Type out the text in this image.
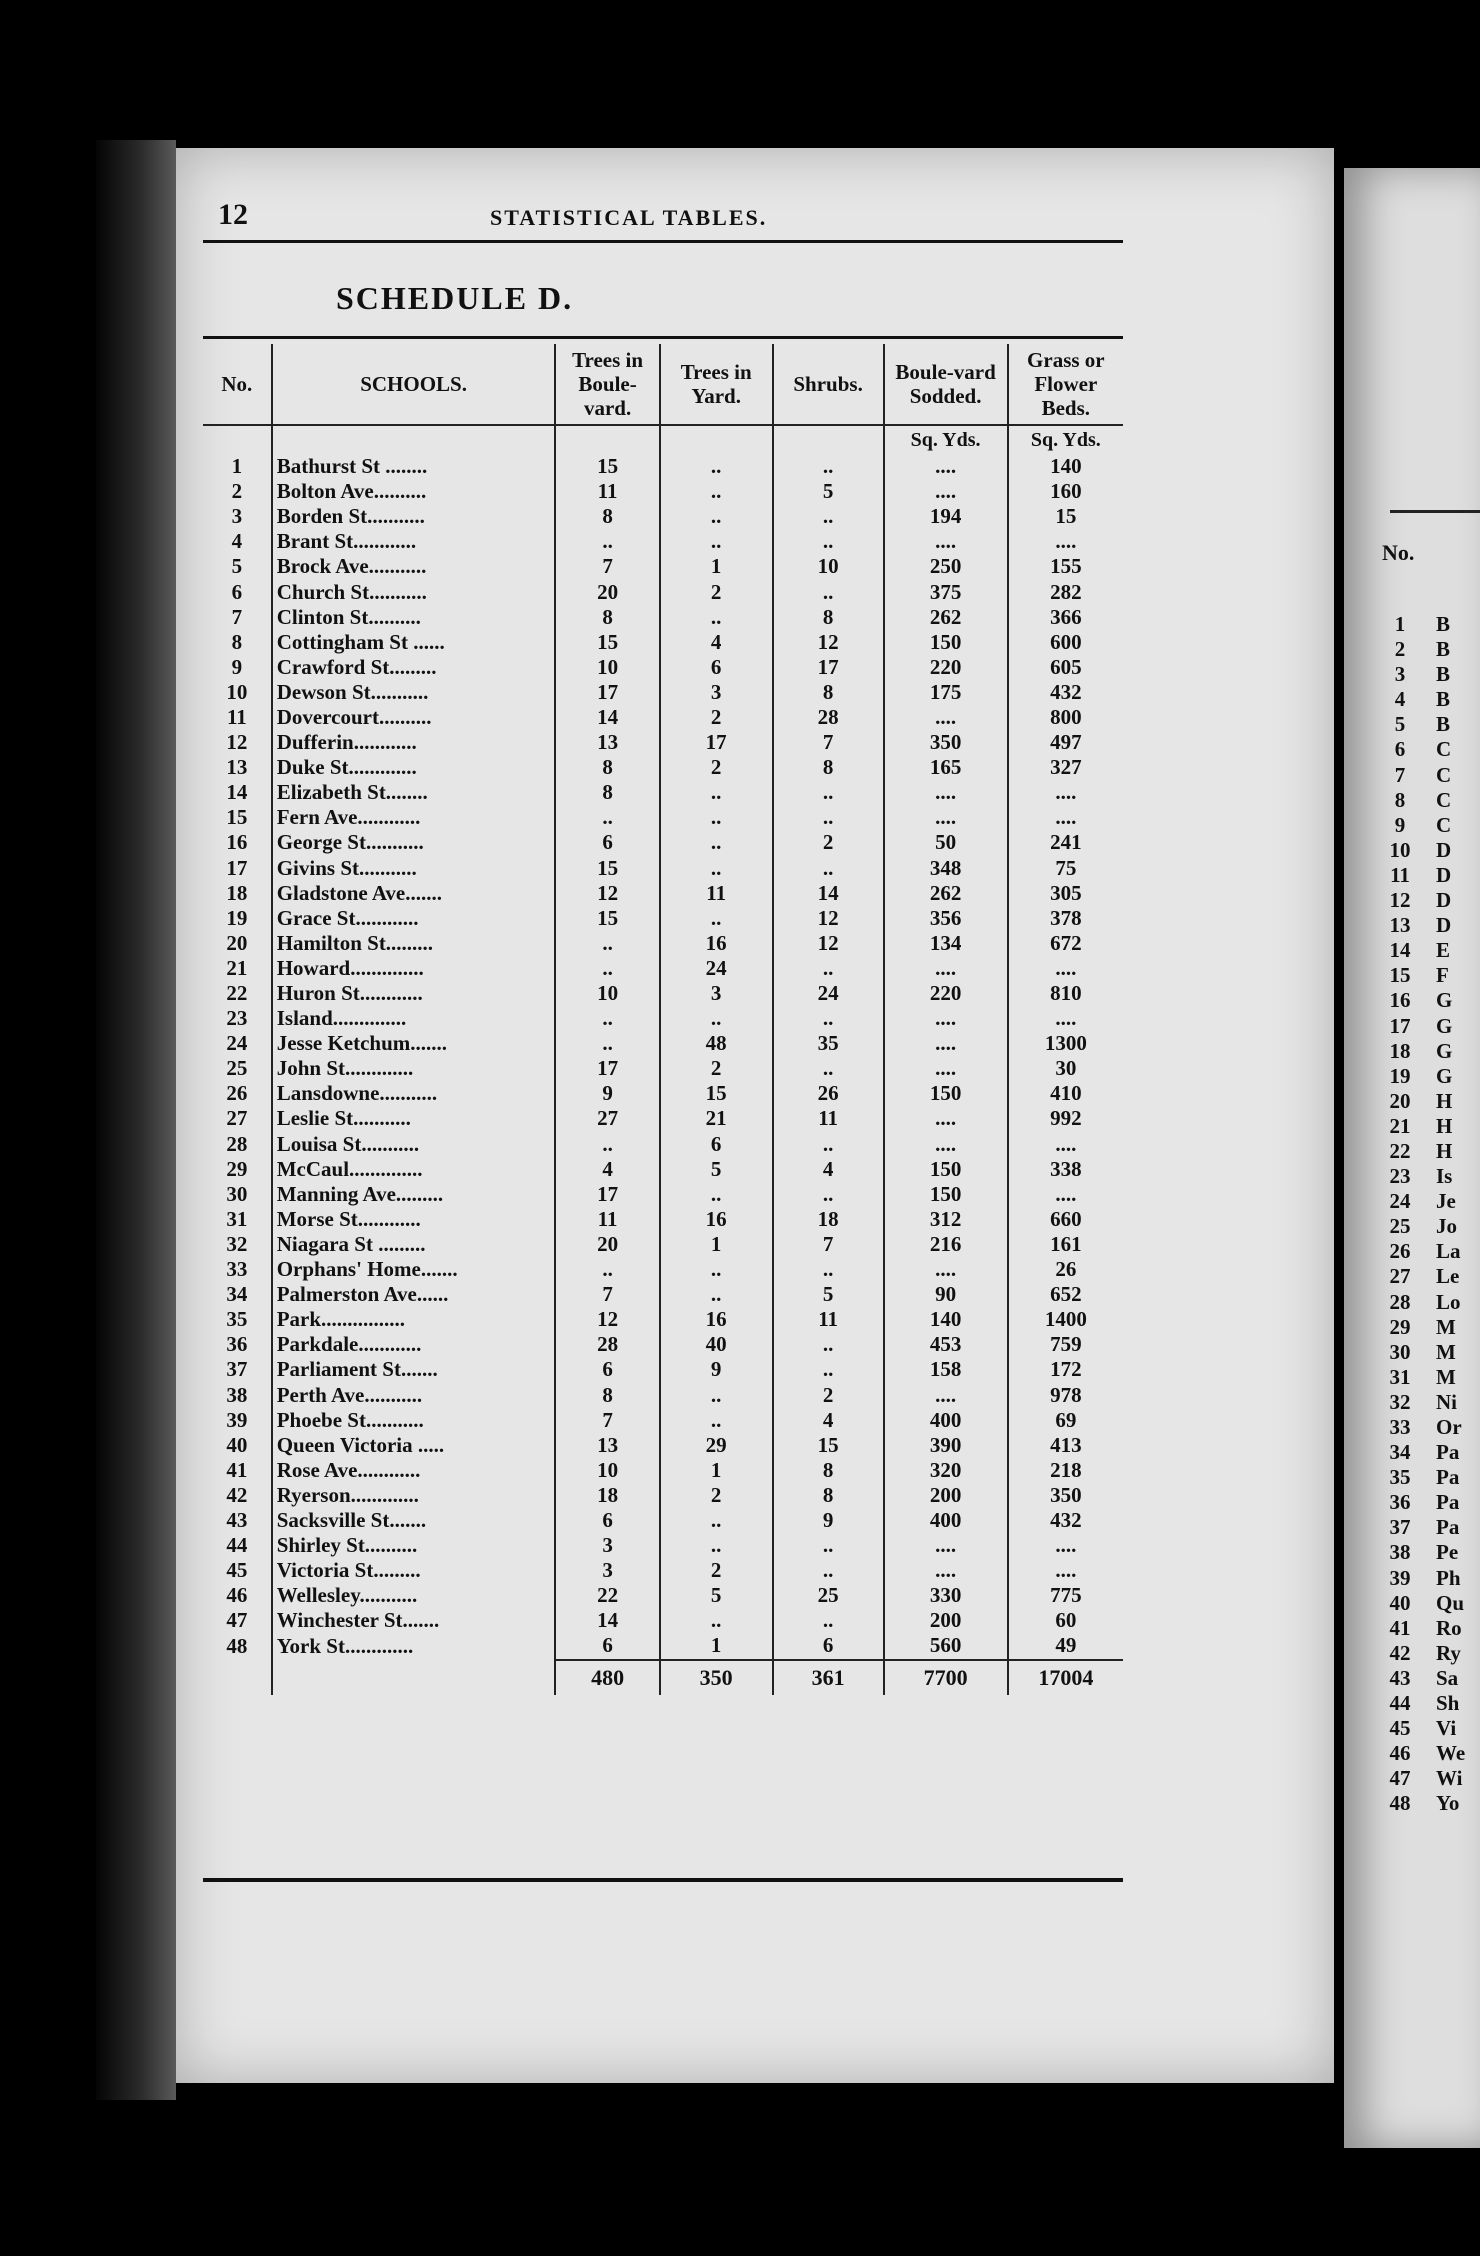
12	STATISTICAL TABLES.
SCHEDULE D.
No.	SCHOOLS.	Trees in Boule-vard.	Trees in Yard.	Shrubs.	Boule-vard Sodded.	Grass or Flower Beds.
					Sq. Yds.	Sq. Yds.
1	Bathurst St ........	15	..	..	....	140
2	Bolton Ave..........	11	..	5	....	160
3	Borden St...........	8	..	..	194	15
4	Brant St............	..	..	..	....	....
5	Brock Ave...........	7	1	10	250	155
6	Church St...........	20	2	..	375	282
7	Clinton St..........	8	..	8	262	366
8	Cottingham St ......	15	4	12	150	600
9	Crawford St.........	10	6	17	220	605
10	Dewson St...........	17	3	8	175	432
11	Dovercourt..........	14	2	28	....	800
12	Dufferin............	13	17	7	350	497
13	Duke St.............	8	2	8	165	327
14	Elizabeth St........	8	..	..	....	....
15	Fern Ave............	..	..	..	....	....
16	George St...........	6	..	2	50	241
17	Givins St...........	15	..	..	348	75
18	Gladstone Ave.......	12	11	14	262	305
19	Grace St............	15	..	12	356	378
20	Hamilton St.........	..	16	12	134	672
21	Howard..............	..	24	..	....	....
22	Huron St............	10	3	24	220	810
23	Island..............	..	..	..	....	....
24	Jesse Ketchum.......	..	48	35	....	1300
25	John St.............	17	2	..	....	30
26	Lansdowne...........	9	15	26	150	410
27	Leslie St...........	27	21	11	....	992
28	Louisa St...........	..	6	..	....	....
29	McCaul..............	4	5	4	150	338
30	Manning Ave.........	17	..	..	150	....
31	Morse St............	11	16	18	312	660
32	Niagara St .........	20	1	7	216	161
33	Orphans' Home.......	..	..	..	....	26
34	Palmerston Ave......	7	..	5	90	652
35	Park................	12	16	11	140	1400
36	Parkdale............	28	40	..	453	759
37	Parliament St.......	6	9	..	158	172
38	Perth Ave...........	8	..	2	....	978
39	Phoebe St...........	7	..	4	400	69
40	Queen Victoria .....	13	29	15	390	413
41	Rose Ave............	10	1	8	320	218
42	Ryerson.............	18	2	8	200	350
43	Sacksville St.......	6	..	9	400	432
44	Shirley St..........	3	..	..	....	....
45	Victoria St.........	3	2	..	....	....
46	Wellesley...........	22	5	25	330	775
47	Winchester St.......	14	..	..	200	60
48	York St.............	6	1	6	560	49
		480	350	361	7700	17004
No.
1 B
2 B
3 B
4 B
5 B
6 C
7 C
8 C
9 C
10 D
11 D
12 D
13 D
14 E
15 F
16 G
17 G
18 G
19 G
20 H
21 H
22 H
23 Is
24 Je
25 Jo
26 La
27 Le
28 Lo
29 M
30 M
31 M
32 Ni
33 Or
34 Pa
35 Pa
36 Pa
37 Pa
38 Pe
39 Ph
40 Qu
41 Ro
42 Ry
43 Sa
44 Sh
45 Vi
46 We
47 Wi
48 Yo
